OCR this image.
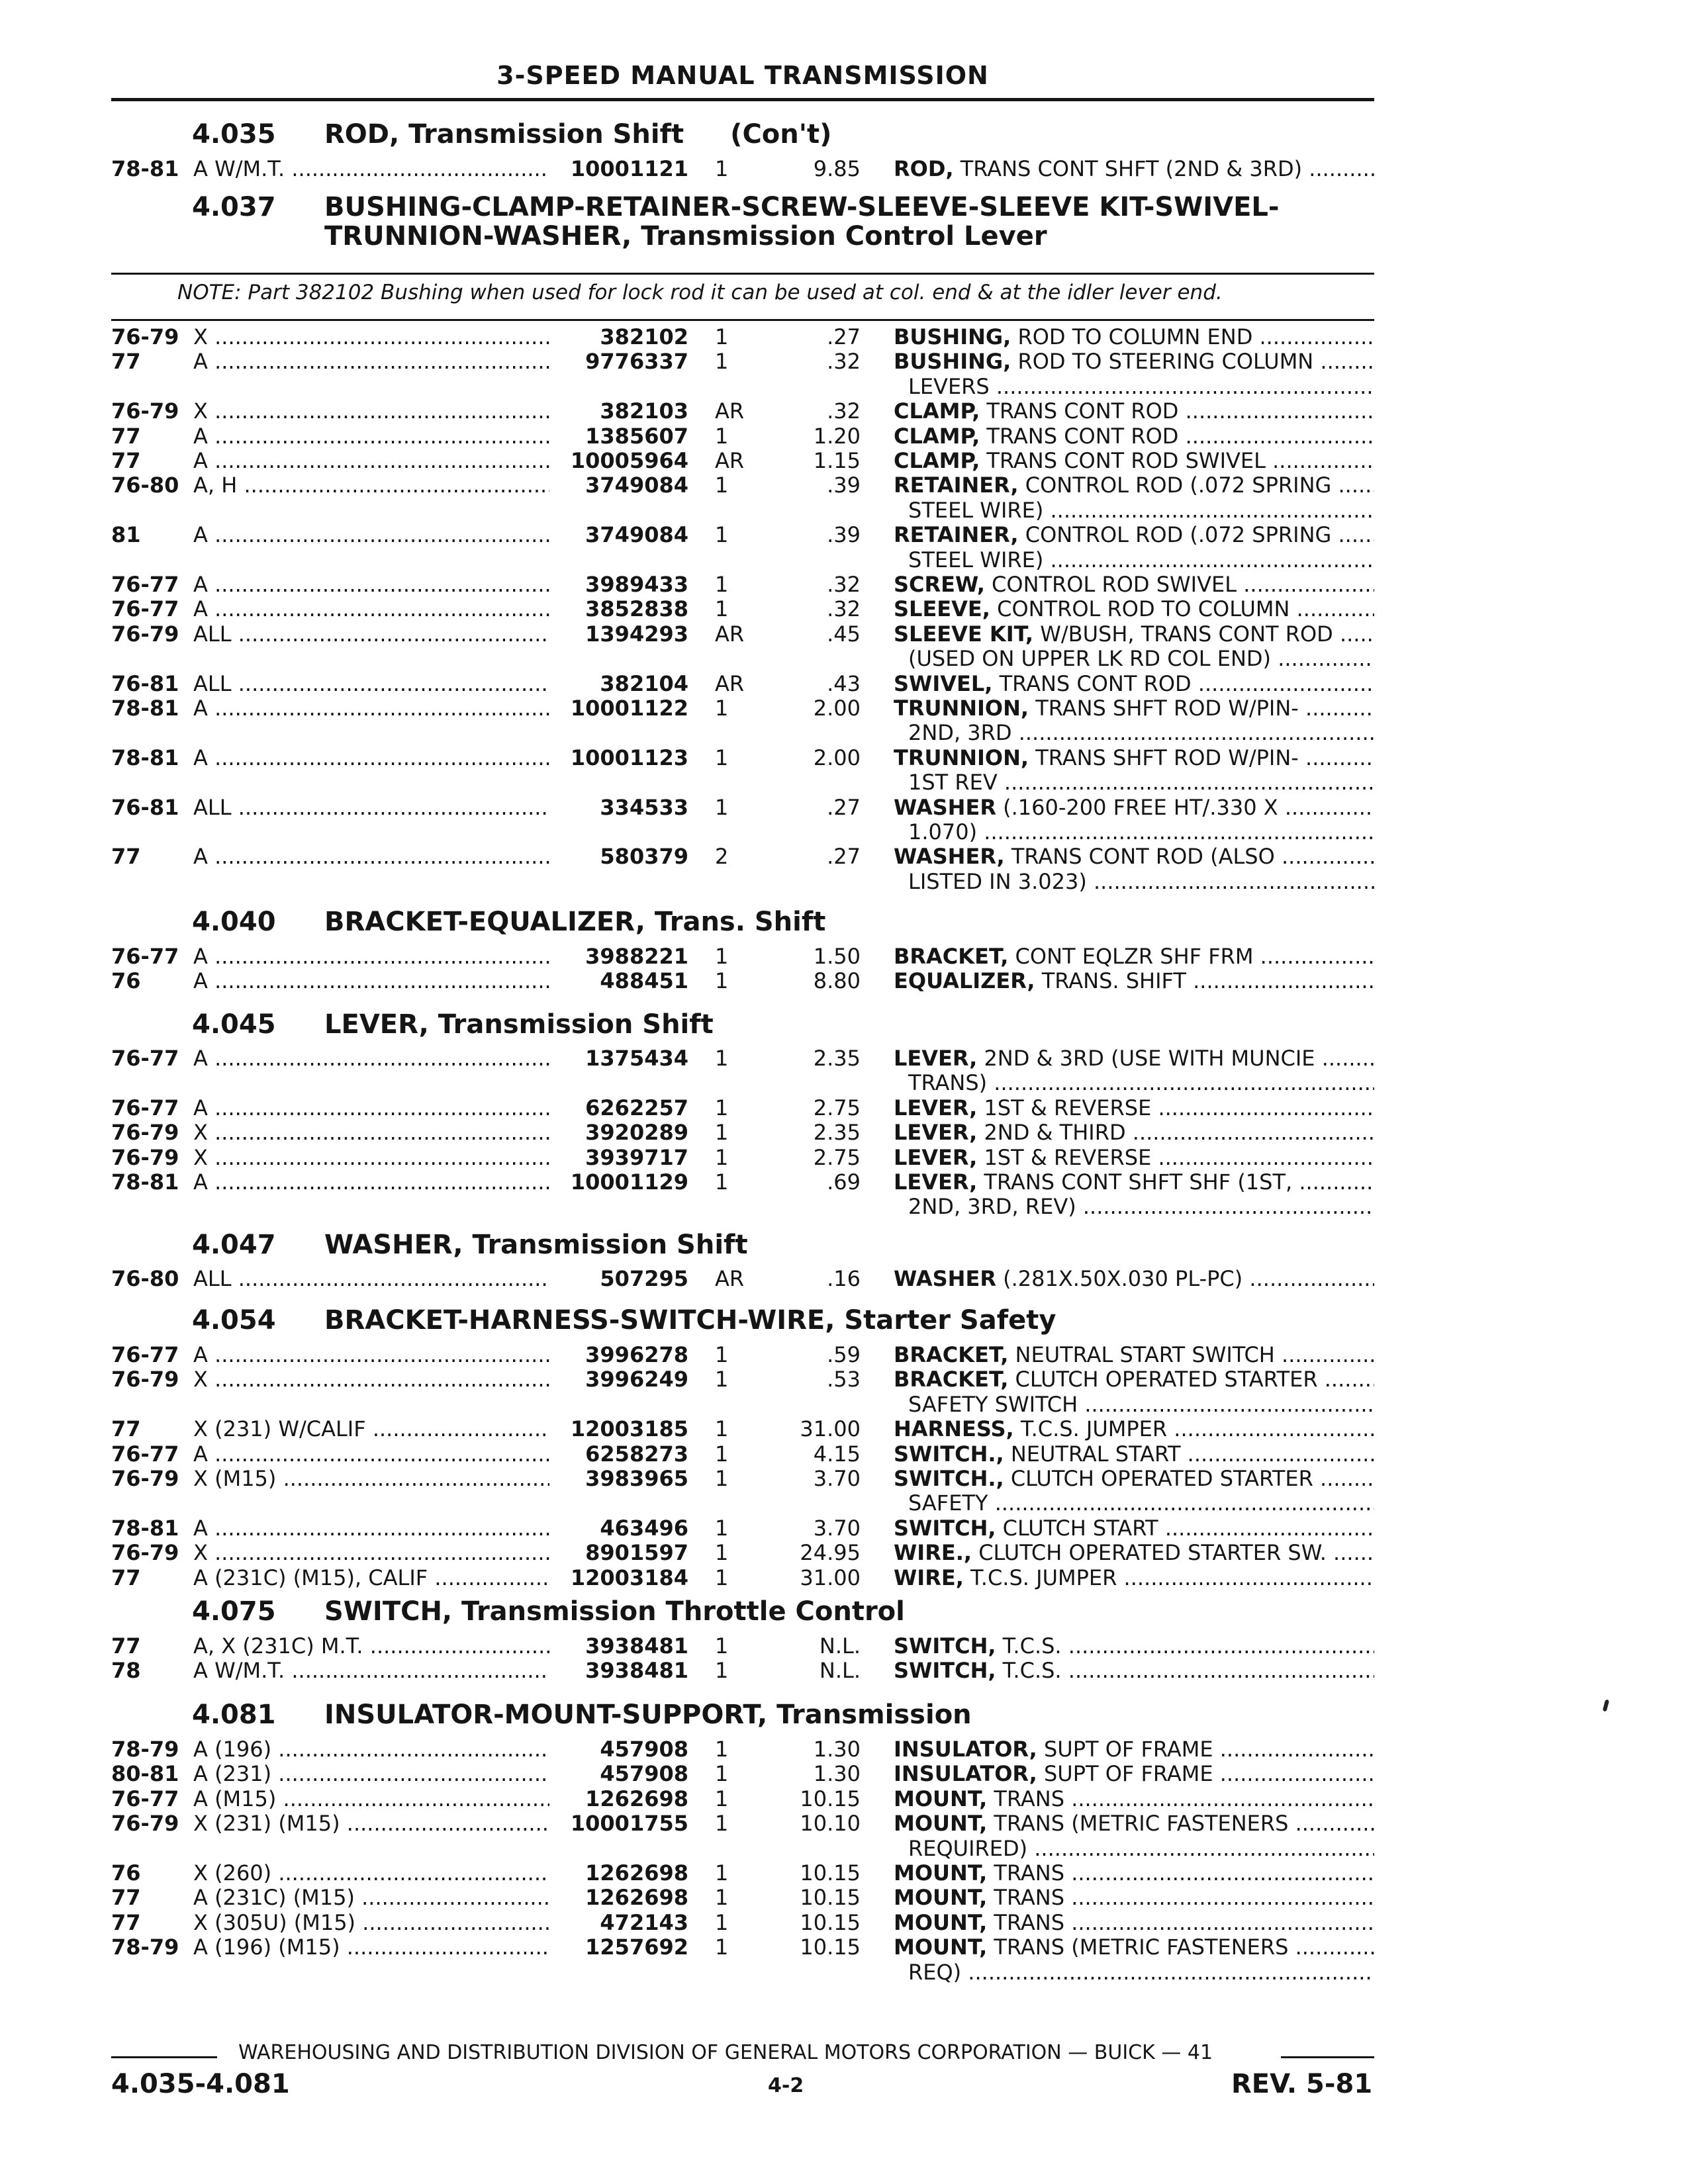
3-SPEED MANUAL TRANSMISSION
4.035 ROD, Transmission Shift (Con't)
78-81 A W/M.T. .....	10001121 1	9.85 ROD, TRANS CONT SHFT (2ND & 3RD) .....
4.037 BUSHING-CLAMP-RETAINER-SCREW-SLEEVE-SLEEVE KIT-SWIVEL-
TRUNNION-WASHER, Transmission Control Lever
NOTE: Part 382102 Bushing when used for lock rod it can be used at col. end & at the idler lever end.
76-79 X .....	382102 1	.27 BUSHING, ROD TO COLUMN END .....
77 A .....	9776337 1	.32 BUSHING, ROD TO STEERING COLUMN .....
LEVERS .....
76-79 X .....	382103 AR	.32 CLAMP, TRANS CONT ROD .....
77 A .....	1385607 1	1.20 CLAMP, TRANS CONT ROD .....
77 A .....	10005964 AR	1.15 CLAMP, TRANS CONT ROD SWIVEL .....
76-80 A, H .....	3749084 1	.39 RETAINER, CONTROL ROD (.072 SPRING .....
STEEL WIRE) .....
81 A .....	3749084 1	.39 RETAINER, CONTROL ROD (.072 SPRING .....
STEEL WIRE) .....
76-77 A .....	3989433 1	.32 SCREW, CONTROL ROD SWIVEL .....
76-77 A .....	3852838 1	.32 SLEEVE, CONTROL ROD TO COLUMN .....
76-79 ALL .....	1394293 AR	.45 SLEEVE KIT, W/BUSH, TRANS CONT ROD .....
(USED ON UPPER LK RD COL END) .....
76-81 ALL .....	382104 AR	.43 SWIVEL, TRANS CONT ROD .....
78-81 A .....	10001122 1	2.00 TRUNNION, TRANS SHFT ROD W/PIN- .....
2ND, 3RD .....
78-81 A .....	10001123 1	2.00 TRUNNION, TRANS SHFT ROD W/PIN- .....
1ST REV .....
76-81 ALL .....	334533 1	.27 WASHER (.160-200 FREE HT/.330 X .....
1.070) .....
77 A .....	580379 2	.27 WASHER, TRANS CONT ROD (ALSO .....
LISTED IN 3.023) .....
4.040 BRACKET-EQUALIZER, Trans. Shift
76-77 A .....	3988221 1	1.50 BRACKET, CONT EQLZR SHF FRM .....
76 A .....	488451 1	8.80 EQUALIZER, TRANS. SHIFT .....
4.045 LEVER, Transmission Shift
76-77 A .....	1375434 1	2.35 LEVER, 2ND & 3RD (USE WITH MUNCIE .....
TRANS) .....
76-77 A .....	6262257 1	2.75 LEVER, 1ST & REVERSE .....
76-79 X .....	3920289 1	2.35 LEVER, 2ND & THIRD .....
76-79 X .....	3939717 1	2.75 LEVER, 1ST & REVERSE .....
78-81 A .....	10001129 1	.69 LEVER, TRANS CONT SHFT SHF (1ST, .....
2ND, 3RD, REV) .....
4.047 WASHER, Transmission Shift
76-80 ALL .....	507295 AR	.16 WASHER (.281X.50X.030 PL-PC) .....
4.054 BRACKET-HARNESS-SWITCH-WIRE, Starter Safety
76-77 A .....	3996278 1	.59 BRACKET, NEUTRAL START SWITCH .....
76-79 X .....	3996249 1	.53 BRACKET, CLUTCH OPERATED STARTER .....
SAFETY SWITCH .....
77 X (231) W/CALIF .....	12003185 1	31.00 HARNESS, T.C.S. JUMPER .....
76-77 A .....	6258273 1	4.15 SWITCH., NEUTRAL START .....
76-79 X (M15) .....	3983965 1	3.70 SWITCH., CLUTCH OPERATED STARTER .....
SAFETY .....
78-81 A .....	463496 1	3.70 SWITCH, CLUTCH START .....
76-79 X .....	8901597 1	24.95 WIRE., CLUTCH OPERATED STARTER SW. .....
77 A (231C) (M15), CALIF .....	12003184 1	31.00 WIRE, T.C.S. JUMPER .....
4.075 SWITCH, Transmission Throttle Control
77 A, X (231C) M.T. .....	3938481 1	N.L. SWITCH, T.C.S. .....
78 A W/M.T. .....	3938481 1	N.L. SWITCH, T.C.S. .....
4.081 INSULATOR-MOUNT-SUPPORT, Transmission
78-79 A (196) .....	457908 1	1.30 INSULATOR, SUPT OF FRAME .....
80-81 A (231) .....	457908 1	1.30 INSULATOR, SUPT OF FRAME .....
76-77 A (M15) .....	1262698 1	10.15 MOUNT, TRANS .....
76-79 X (231) (M15) .....	10001755 1	10.10 MOUNT, TRANS (METRIC FASTENERS .....
REQUIRED) .....
76 X (260) .....	1262698 1	10.15 MOUNT, TRANS .....
77 A (231C) (M15) .....	1262698 1	10.15 MOUNT, TRANS .....
77 X (305U) (M15) .....	472143 1	10.15 MOUNT, TRANS .....
78-79 A (196) (M15) .....	1257692 1	10.15 MOUNT, TRANS (METRIC FASTENERS .....
REQ) .....
WAREHOUSING AND DISTRIBUTION DIVISION OF GENERAL MOTORS CORPORATION — BUICK — 41
4.035-4.081	4-2	REV. 5-81
